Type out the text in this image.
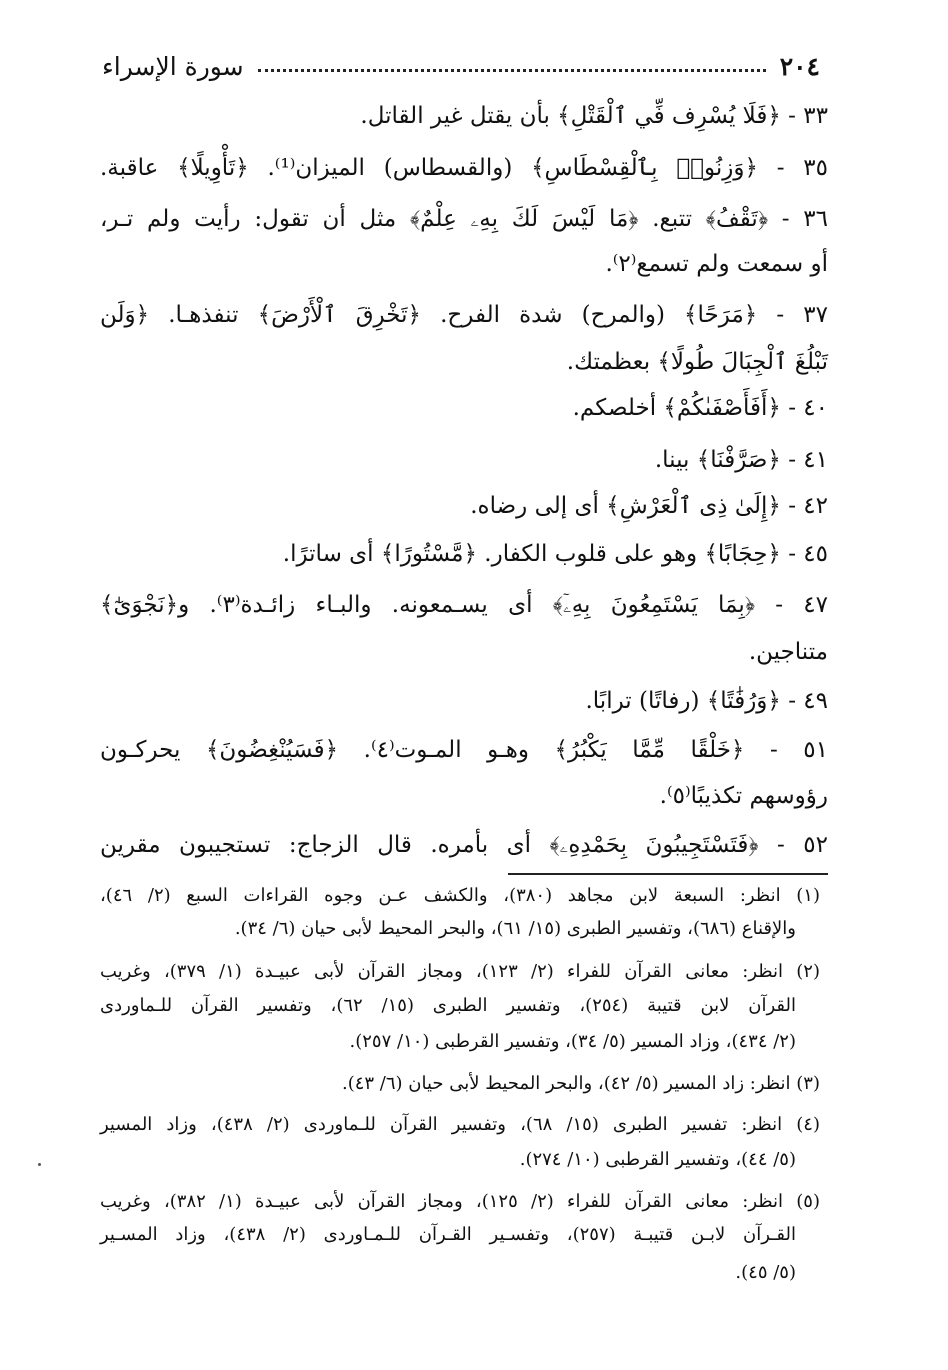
٢٠٤
سورة الإسراء
٣٣ - ﴿فَلَا يُسْرِف فِّي ٱلْقَتْلِ﴾ بأن يقتل غير القاتل.
٣٥ - ﴿وَزِنُوا۟ بِٱلْقِسْطَاسِ﴾ (والقسطاس) الميزان⁽¹⁾. ﴿تَأْوِيلًا﴾ عاقبة.
٣٦ - ﴿تَقْفُ﴾ تتبع. ﴿مَا لَيْسَ لَكَ بِهِۦ عِلْمٌ﴾ مثل أن تقول: رأيت ولم تـر،
أو سمعت ولم تسمع⁽٢⁾.
٣٧ - ﴿مَرَحًا﴾ (والمرح) شدة الفرح. ﴿تَخْرِقَ ٱلْأَرْضَ﴾ تنفذهـا. ﴿وَلَن
تَبْلُغَ ٱلْجِبَالَ طُولًا﴾ بعظمتك.
٤٠ - ﴿أَفَأَصْفَىٰكُمْ﴾ أخلصكم.
٤١ - ﴿صَرَّفْنَا﴾ بينا.
٤٢ - ﴿إِلَىٰ ذِى ٱلْعَرْشِ﴾ أى إلى رضاه.
٤٥ - ﴿حِجَابًا﴾ وهو على قلوب الكفار. ﴿مَّسْتُورًا﴾ أى ساترًا.
٤٧ - ﴿بِمَا يَسْتَمِعُونَ بِهِۦٓ﴾ أى يسـمعونه. والبـاء زائـدة⁽٣⁾. و﴿نَجْوَىٰٓ﴾
متناجين.
٤٩ - ﴿وَرُفَٰتًا﴾ (رفاتًا) ترابًا.
٥١ - ﴿خَلْقًا مِّمَّا يَكْبُرُ﴾ وهـو المـوت⁽٤⁾. ﴿فَسَيُنْغِضُونَ﴾ يحركـون
رؤوسهم تكذيبًا⁽٥⁾.
٥٢ - ﴿فَتَسْتَجِيبُونَ بِحَمْدِهِۦ﴾ أى بأمره. قال الزجاج: تستجيبون مقرين
(١) انظر: السبعة لابن مجاهد (٣٨٠)، والكشف عـن وجوه القراءات السبع (٢/ ٤٦)،
والإقناع (٦٨٦)، وتفسير الطبرى (١٥/ ٦١)، والبحر المحيط لأبى حيان (٦/ ٣٤).
(٢) انظر: معانى القرآن للفراء (٢/ ١٢٣)، ومجاز القرآن لأبى عبيـدة (١/ ٣٧٩)، وغريب
القرآن لابن قتيبة (٢٥٤)، وتفسير الطبرى (١٥/ ٦٢)، وتفسير القرآن للـماوردى
(٢/ ٤٣٤)، وزاد المسير (٥/ ٣٤)، وتفسير القرطبى (١٠/ ٢٥٧).
(٣) انظر: زاد المسير (٥/ ٤٢)، والبحر المحيط لأبى حيان (٦/ ٤٣).
(٤) انظر: تفسير الطبرى (١٥/ ٦٨)، وتفسير القرآن للـماوردى (٢/ ٤٣٨)، وزاد المسير
(٥/ ٤٤)، وتفسير القرطبى (١٠/ ٢٧٤).
(٥) انظر: معانى القرآن للفراء (٢/ ١٢٥)، ومجاز القرآن لأبى عبيـدة (١/ ٣٨٢)، وغريب
القـرآن لابـن قتيبـة (٢٥٧)، وتفسـير القـرآن للـمـاوردى (٢/ ٤٣٨)، وزاد المسـير
(٥/ ٤٥).
